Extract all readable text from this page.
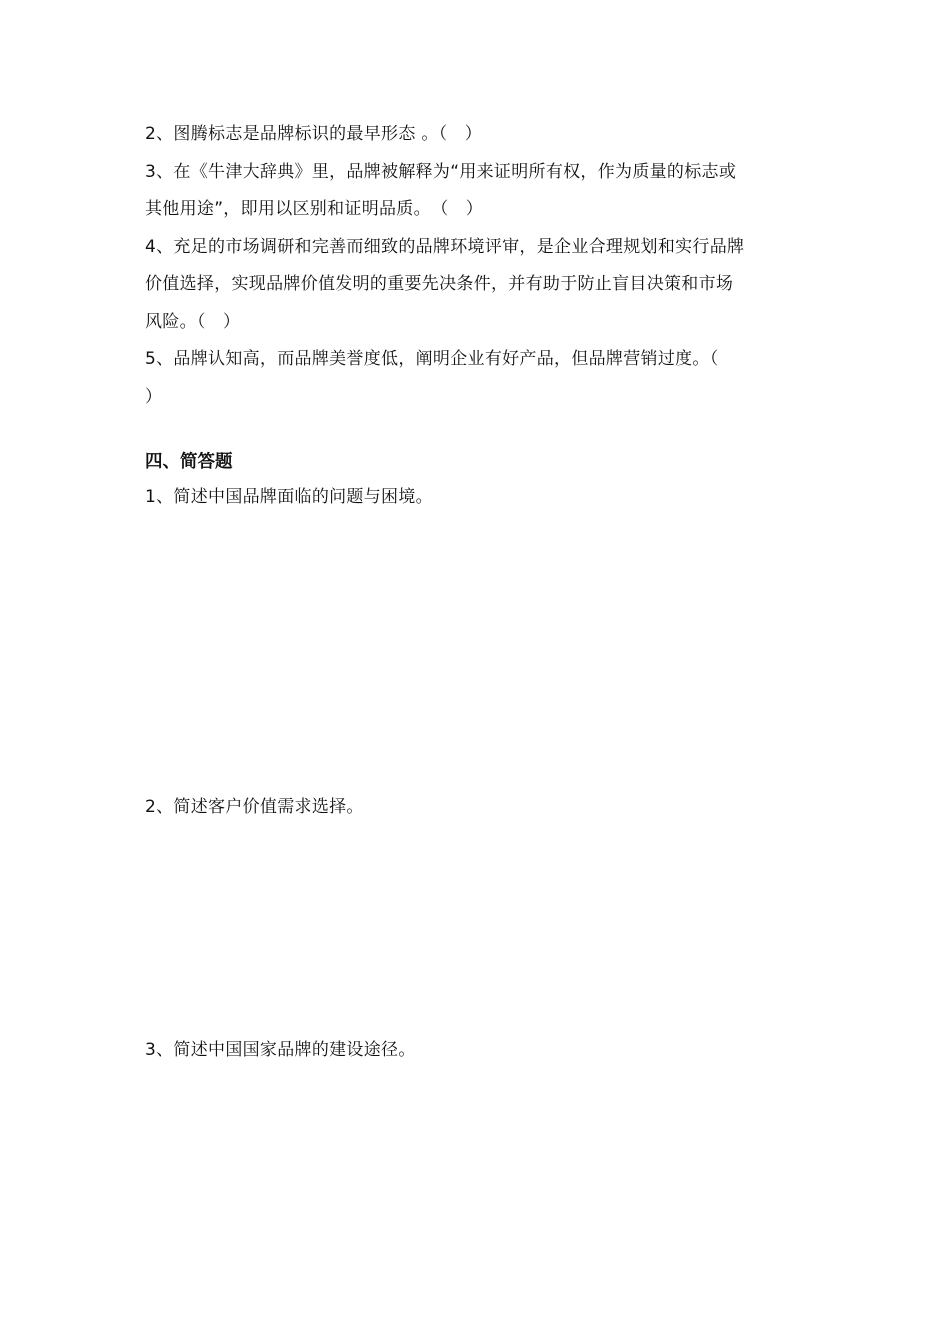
2、图腾标志是品牌标识的最早形态 。（　）
3、在《牛津大辞典》里，品牌被解释为“用来证明所有权，作为质量的标志或
其他用途”，即用以区别和证明品质。　（　）
4、充足的市场调研和完善而细致的品牌环境评审，是企业合理规划和实行品牌
价值选择，实现品牌价值发明的重要先决条件，并有助于防止盲目决策和市场
风险。（　）
5、品牌认知高，而品牌美誉度低，阐明企业有好产品，但品牌营销过度。（
）
四、简答题
1、简述中国品牌面临的问题与困境。
2、简述客户价值需求选择。
3、简述中国国家品牌的建设途径。
